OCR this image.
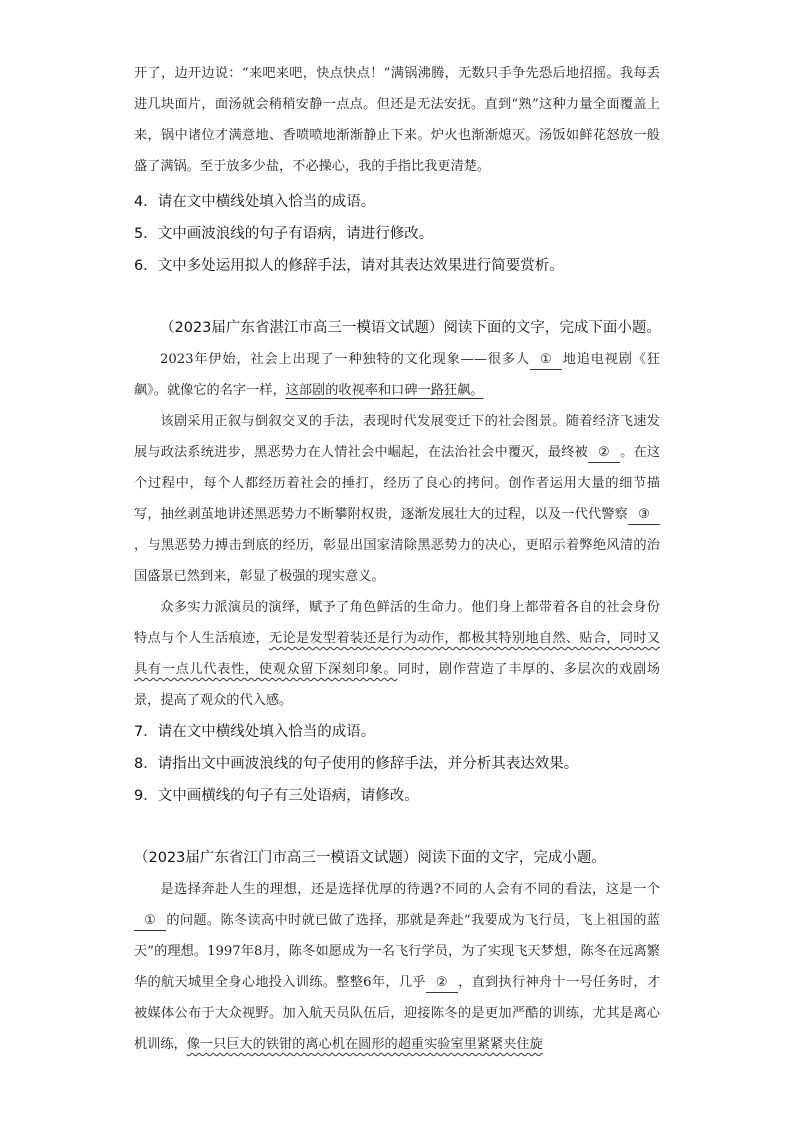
开了，边开边说：“来吧来吧，快点快点！”满锅沸腾，无数只手争先恐后地招摇。我每丢进几块面片，面汤就会稍稍安静一点点。但还是无法安抚。直到“熟”这种力量全面覆盖上来，锅中诸位才满意地、香喷喷地渐渐静止下来。炉火也渐渐熄灭。汤饭如鲜花怒放一般盛了满锅。至于放多少盐，不必操心，我的手指比我更清楚。

4．请在文中横线处填入恰当的成语。

5．文中画波浪线的句子有语病，请进行修改。

6．文中多处运用拟人的修辞手法，请对其表达效果进行简要赏析。

（2023届广东省湛江市高三一模语文试题）阅读下面的文字，完成下面小题。

2023年伊始，社会上出现了一种独特的文化现象——很多人 ① 地追电视剧《狂飙》。就像它的名字一样，这部剧的收视率和口碑一路狂飙。

该剧采用正叙与倒叙交叉的手法，表现时代发展变迁下的社会图景。随着经济飞速发展与政法系统进步，黑恶势力在人情社会中崛起，在法治社会中覆灭，最终被 ② 。在这个过程中，每个人都经历着社会的捶打，经历了良心的拷问。创作者运用大量的细节描写，抽丝剥茧地讲述黑恶势力不断攀附权贵，逐渐发展壮大的过程，以及一代代警察 ③，与黑恶势力搏击到底的经历，彰显出国家清除黑恶势力的决心，更昭示着弊绝风清的治国盛景已然到来，彰显了极强的现实意义。

众多实力派演员的演绎，赋予了角色鲜活的生命力。他们身上都带着各自的社会身份特点与个人生活痕迹，无论是发型着装还是行为动作，都极其特别地自然、贴合，同时又具有一点儿代表性，使观众留下深刻印象。同时，剧作营造了丰厚的、多层次的戏剧场景，提高了观众的代入感。

7．请在文中横线处填入恰当的成语。

8．请指出文中画波浪线的句子使用的修辞手法，并分析其表达效果。

9．文中画横线的句子有三处语病，请修改。

（2023届广东省江门市高三一模语文试题）阅读下面的文字，完成小题。

是选择奔赴人生的理想，还是选择优厚的待遇?不同的人会有不同的看法，这是一个① 的问题。陈冬读高中时就已做了选择，那就是奔赴“我要成为飞行员，飞上祖国的蓝天”的理想。1997年8月，陈冬如愿成为一名飞行学员，为了实现飞天梦想，陈冬在远离繁华的航天城里全身心地投入训练。整整6年，几乎 ② ，直到执行神舟十一号任务时，才被媒体公布于大众视野。加入航天员队伍后，迎接陈冬的是更加严酷的训练，尤其是离心机训练，像一只巨大的铁钳的离心机在圆形的超重实验室里紧紧夹住旋
